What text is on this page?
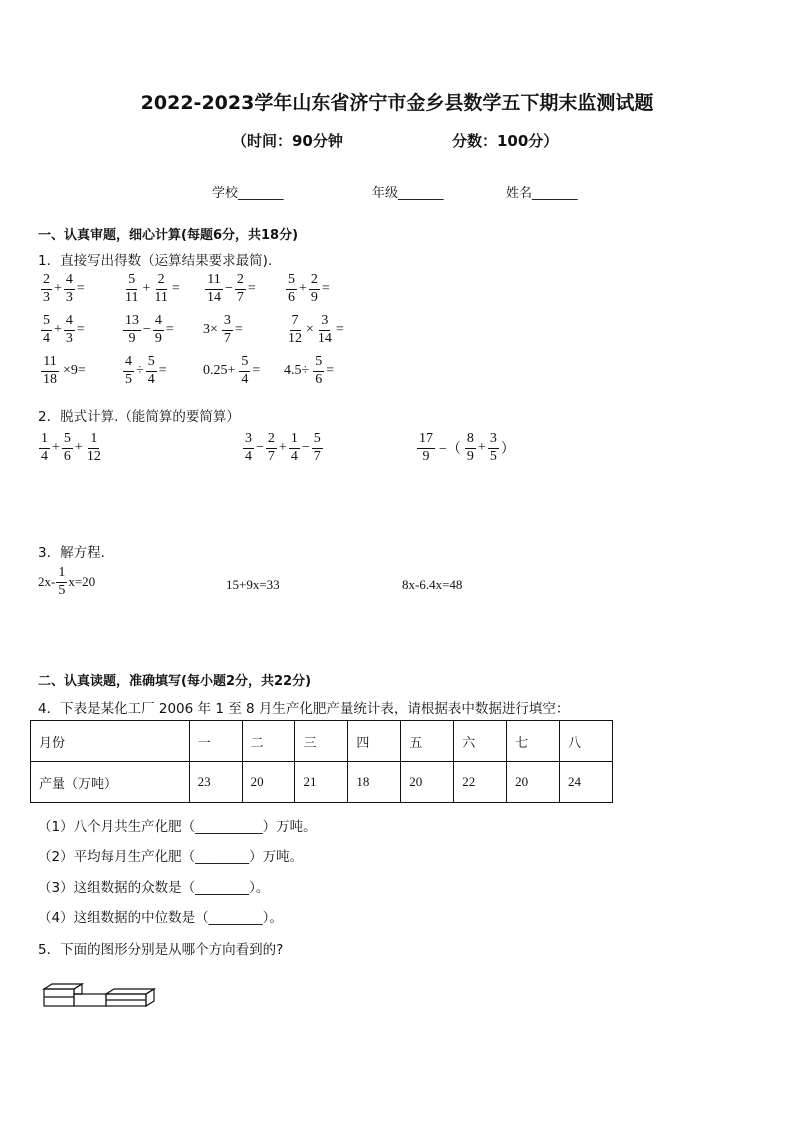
2022-2023学年山东省济宁市金乡县数学五下期末监测试题
（时间：90分钟	分数：100分）
学校_______	年级_______	姓名_______
一、认真审题，细心计算(每题6分，共18分)
1．直接写出得数（运算结果要求最简).
$\frac{2}{3} + \frac{4}{3}$ =	$\frac{5}{11} + \frac{2}{11} = \frac{11}{14} - \frac{2}{7} = \frac{5}{6} + \frac{2}{9}$ =
$\frac{5}{4} + \frac{4}{3}$ =	$\frac{13}{9} - \frac{4}{9} = 3\times \frac{3}{7}$ =	$\frac{7}{12} \times \frac{3}{14}$ =
$\frac{11}{18} \times 9=$	$\frac{4}{5} \div \frac{5}{4}$ =	$0.25+ \frac{5}{4} = 4.5\div \frac{5}{6}$ =
2．脱式计算.（能简算的要简算）
$\frac{1}{4} + \frac{5}{6} + \frac{1}{12}$	$\frac{3}{4} - \frac{2}{7} + \frac{1}{4} - \frac{5}{7}$	$\frac{17}{9}$ −（ $\frac{8}{9} + \frac{3}{5}$ ）
3．解方程.
$2x- \frac{1}{5} x=20$	15+9x=33	8x-6.4x=48
二、认真读题，准确填写(每小题2分，共22分)
4．下表是某化工厂 2006 年 1 至 8 月生产化肥产量统计表，请根据表中数据进行填空：
月份	一	二	三	四	五	六	七	八
产量（万吨）	23	20	21	18	20	22	20	24
（1）八个月共生产化肥（__________）万吨。
（2）平均每月生产化肥（________）万吨。
（3）这组数据的众数是（________）。
（4）这组数据的中位数是（________）。
5．下面的图形分别是从哪个方向看到的?
